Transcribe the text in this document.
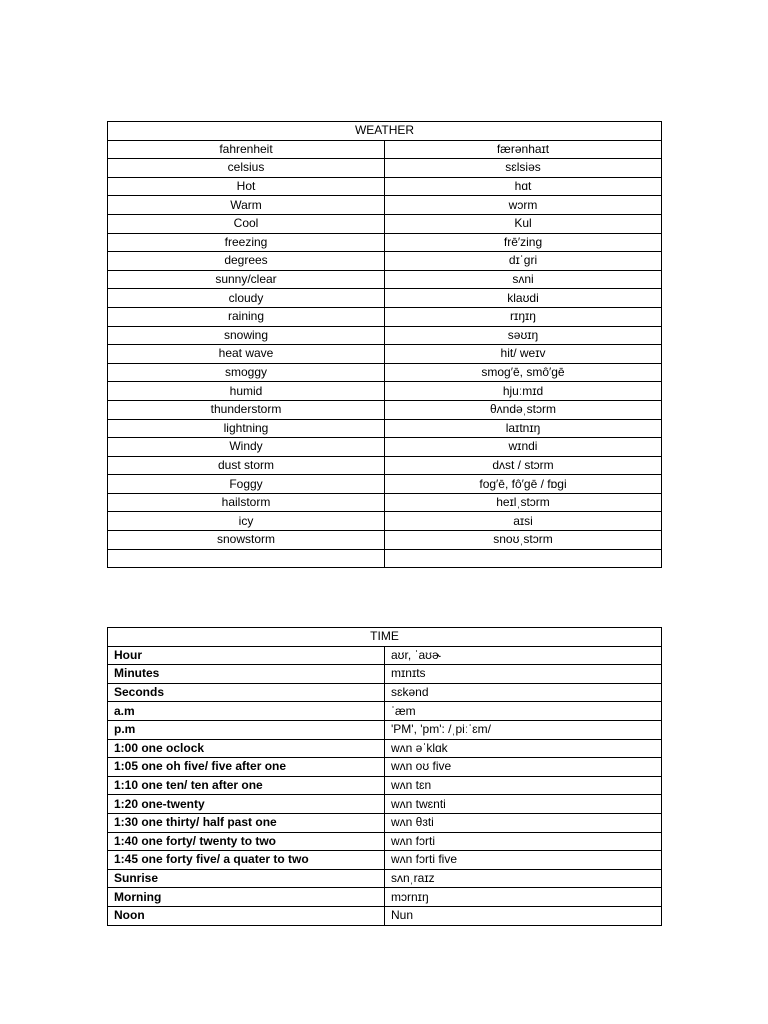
WEATHER	
fahrenheit	færənhaɪt
celsius	sɛlsiəs
Hot	hɑt
Warm	wɔrm
Cool	Kul
freezing	frē′zing
degrees	dɪˈgri
sunny/clear	sʌni
cloudy	klaʊdi
raining	rɪŋɪŋ
snowing	səʊɪŋ
heat wave	hit/ weɪv
smoggy	smog′ē, smô′gē
humid	hjuːmɪd
thunderstorm	θʌndəˌstɔrm
lightning	laɪtnɪŋ
Windy	wɪndi
dust storm	dʌst / stɔrm
Foggy	fog′ē, fô′gē / fɒgi
hailstorm	heɪlˌstɔrm
icy	aɪsi
snowstorm	snoʊˌstɔrm

TIME	
Hour	aʊr, ˈaʊɚ
Minutes	mɪnɪts
Seconds	sɛkənd
a.m	ˈæm
p.m	'PM', 'pm': /ˌpiːˈɛm/
1:00 one oclock	wʌn əˈklɑk
1:05 one oh five/ five after one	wʌn oʊ five
1:10 one ten/ ten after one	wʌn tɛn
1:20 one-twenty	wʌn twɛnti
1:30 one thirty/ half past one	wʌn θɜti
1:40 one forty/ twenty to two	wʌn fɔrti
1:45 one forty five/ a quater to two	wʌn fɔrti five
Sunrise	sʌnˌraɪz
Morning	mɔrnɪŋ
Noon	Nun
